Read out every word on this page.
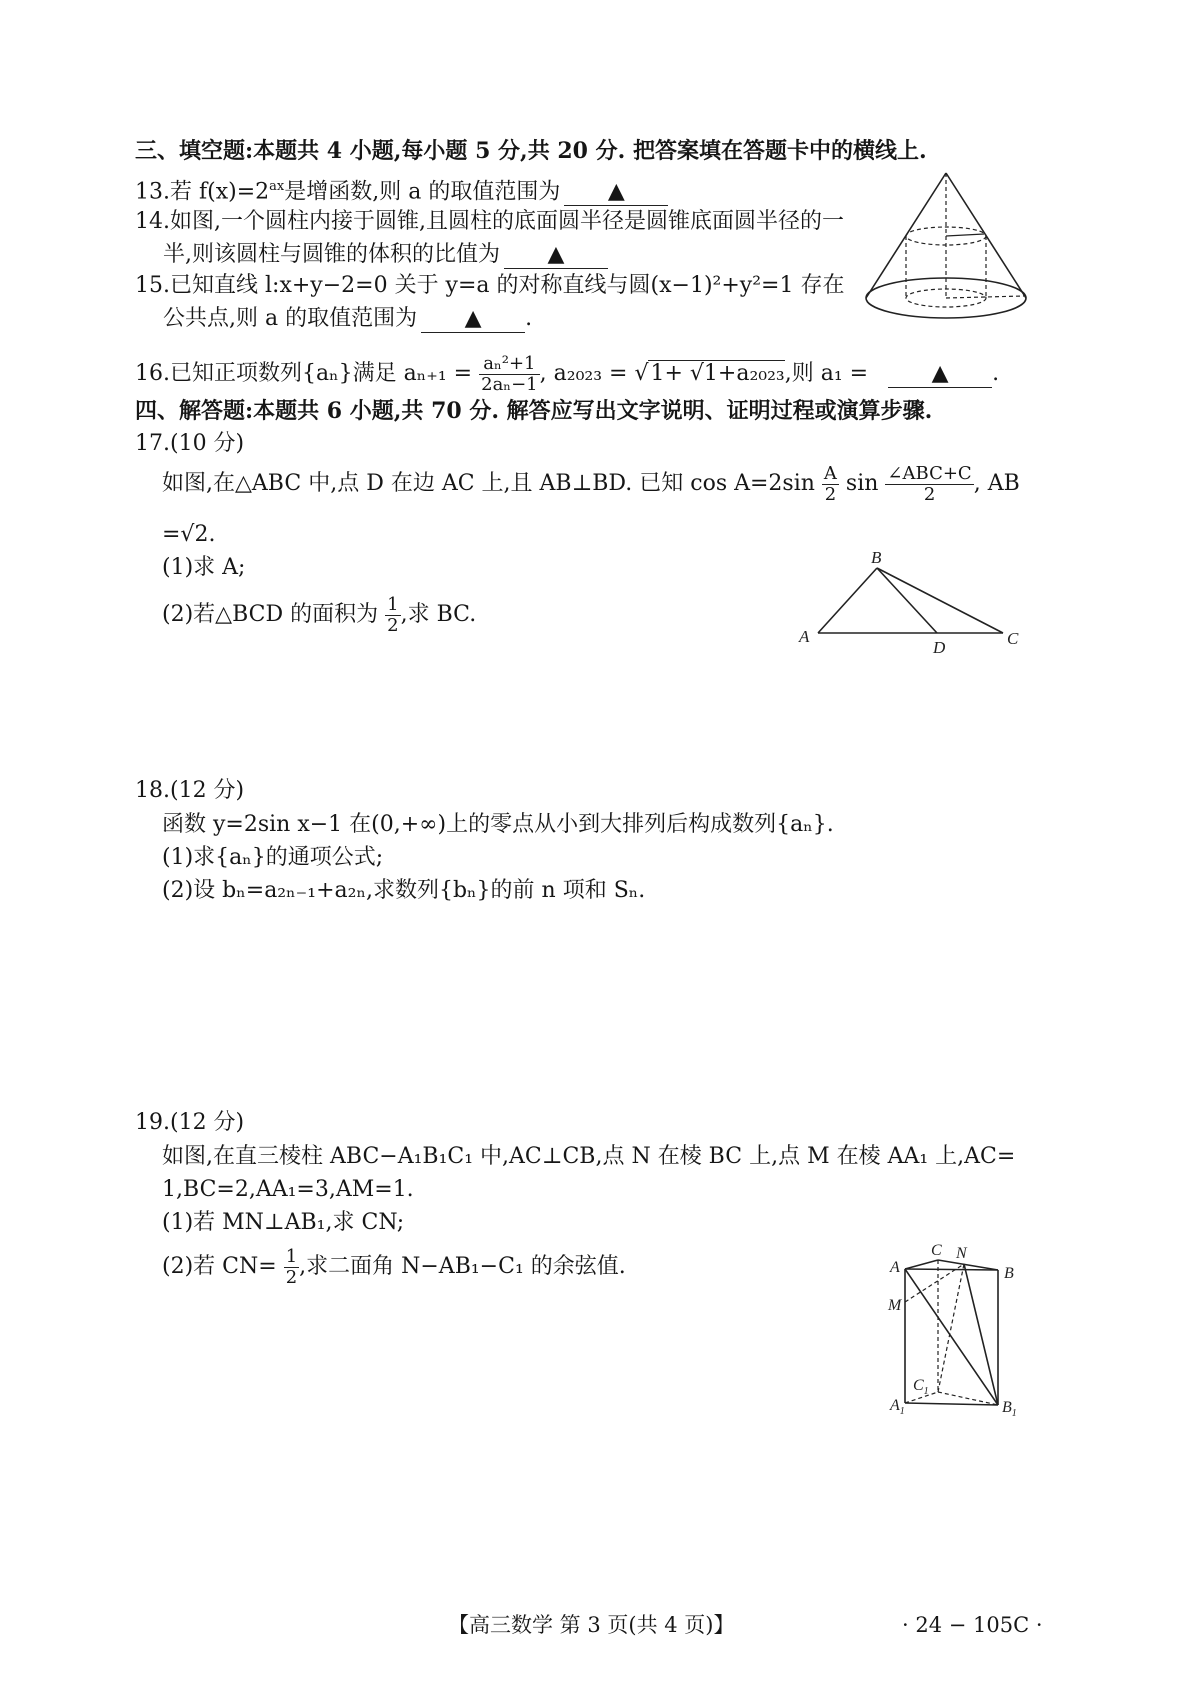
三、填空题:本题共 4 小题,每小题 5 分,共 20 分. 把答案填在答题卡中的横线上.
13.若 $f(x)=2^{ax}$是增函数,则 a 的取值范围为 ▲
14.如图,一个圆柱内接于圆锥,且圆柱的底面圆半径是圆锥底面圆半径的一
半,则该圆柱与圆锥的体积的比值为 ▲
15.已知直线 l:x+y−2=0 关于 y=a 的对称直线与圆(x−1)²+y²=1 存在
公共点,则 a 的取值范围为 ▲ .
16.已知正项数列{aₙ}满足 $a_{n+1} = \frac{\text{aₙ²+1}}{\text{2aₙ−1}}$ , a₂₀₂₃ = √1+ √1+a₂₀₂₃,则 a₁ =	▲ .
四、解答题:本题共 6 小题,共 70 分. 解答应写出文字说明、证明过程或演算步骤.
17.(10 分)
如图,在△ABC 中,点 D 在边 AC 上,且 AB⊥BD. 已知 $\cos A=2\sin \frac{A}{2}$ $\sin \frac{\text{∠ABC+C}}{2}$ , AB
=√2.
(1)求 A;
(2)若△BCD 的面积为 $\frac{1}{2}$ ,求 BC.
A
B
C
D
18.(12 分)
函数 y=2sin x−1 在(0,+∞)上的零点从小到大排列后构成数列{aₙ}.
(1)求{aₙ}的通项公式;
(2)设 bₙ=a₂ₙ₋₁+a₂ₙ,求数列{bₙ}的前 n 项和 Sₙ.
19.(12 分)
如图,在直三棱柱 ABC−A₁B₁C₁ 中,AC⊥CB,点 N 在棱 BC 上,点 M 在棱 AA₁ 上,AC=
1,BC=2,AA₁=3,AM=1.
(1)若 MN⊥AB₁,求 CN;
(2)若 $CN= \frac{1}{2}$ ,求二面角 N−AB₁−C₁ 的余弦值.	A
C N
B
M
$C_1$
$A_1$	$B_1$
【高三数学 第 3 页(共 4 页)】	· 24 − 105C ·
